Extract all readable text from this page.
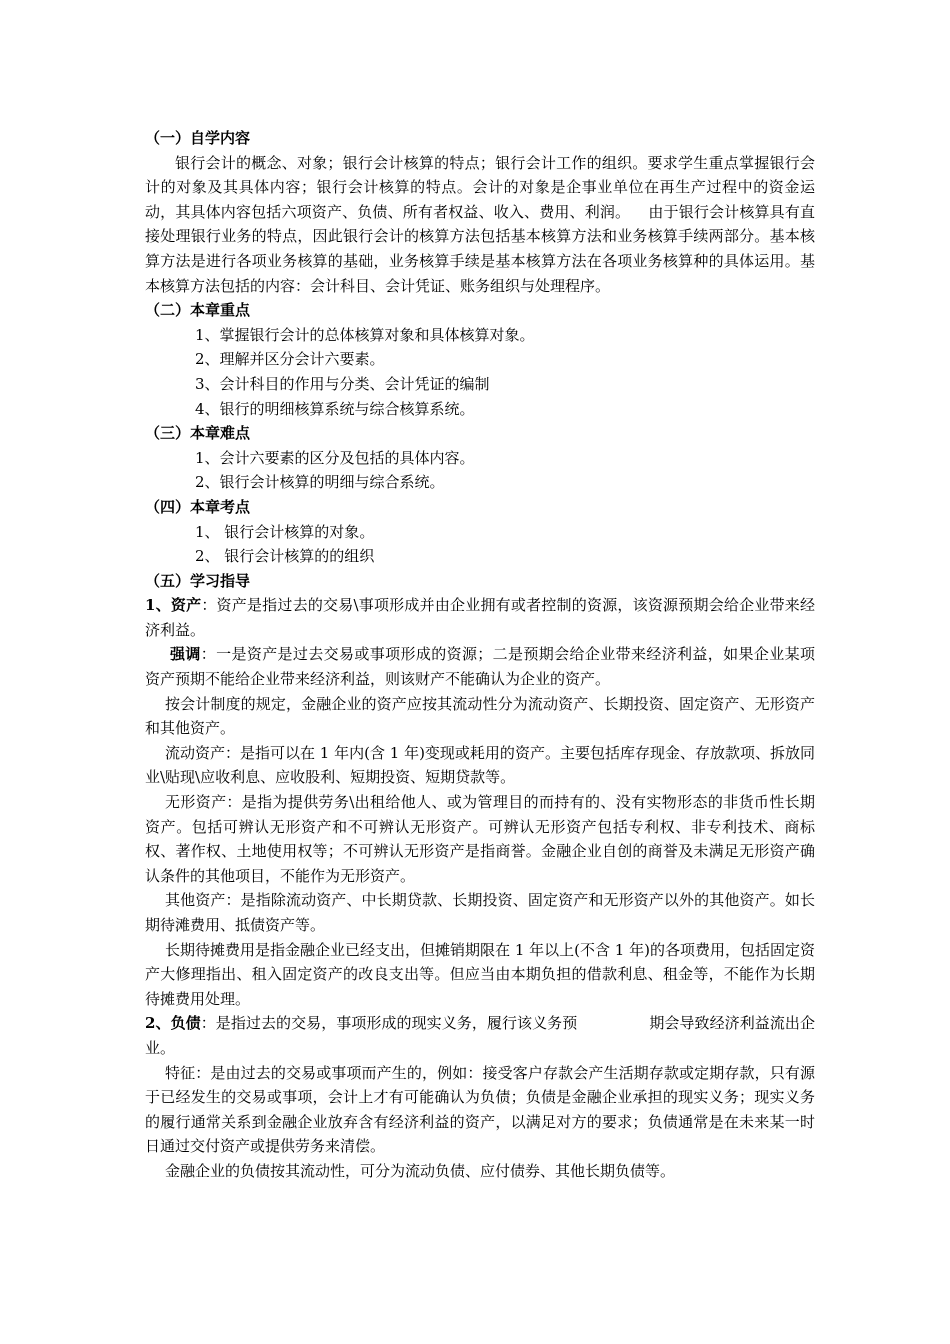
（一）自学内容

银行会计的概念、对象；银行会计核算的特点；银行会计工作的组织。要求学生重点掌握银行会计的对象及其具体内容；银行会计核算的特点。会计的对象是企事业单位在再生产过程中的资金运动，其具体内容包括六项资产、负债、所有者权益、收入、费用、利润。 由于银行会计核算具有直接处理银行业务的特点，因此银行会计的核算方法包括基本核算方法和业务核算手续两部分。基本核算方法是进行各项业务核算的基础，业务核算手续是基本核算方法在各项业务核算种的具体运用。基本核算方法包括的内容：会计科目、会计凭证、账务组织与处理程序。

（二）本章重点

1、掌握银行会计的总体核算对象和具体核算对象。

2、理解并区分会计六要素。

3、会计科目的作用与分类、会计凭证的编制

4、银行的明细核算系统与综合核算系统。

（三）本章难点

1、会计六要素的区分及包括的具体内容。

2、银行会计核算的明细与综合系统。

（四）本章考点

1、 银行会计核算的对象。

2、 银行会计核算的的组织

（五）学习指导

1、资产：资产是指过去的交易\事项形成并由企业拥有或者控制的资源，该资源预期会给企业带来经济利益。

强调：一是资产是过去交易或事项形成的资源；二是预期会给企业带来经济利益，如果企业某项资产预期不能给企业带来经济利益，则该财产不能确认为企业的资产。

按会计制度的规定，金融企业的资产应按其流动性分为流动资产、长期投资、固定资产、无形资产和其他资产。

流动资产：是指可以在 1 年内(含 1 年)变现或耗用的资产。主要包括库存现金、存放款项、拆放同业\贴现\应收利息、应收股利、短期投资、短期贷款等。

无形资产：是指为提供劳务\出租给他人、或为管理目的而持有的、没有实物形态的非货币性长期资产。包括可辨认无形资产和不可辨认无形资产。可辨认无形资产包括专利权、非专利技术、商标权、著作权、土地使用权等；不可辨认无形资产是指商誉。金融企业自创的商誉及未满足无形资产确认条件的其他项目，不能作为无形资产。

其他资产：是指除流动资产、中长期贷款、长期投资、固定资产和无形资产以外的其他资产。如长期待滩费用、抵债资产等。

长期待摊费用是指金融企业已经支出，但摊销期限在 1 年以上(不含 1 年)的各项费用，包括固定资产大修理指出、租入固定资产的改良支出等。但应当由本期负担的借款利息、租金等，不能作为长期待摊费用处理。

2、负债：是指过去的交易，事项形成的现实义务，履行该义务预	期会导致经济利益流出企业。

特征：是由过去的交易或事项而产生的，例如：接受客户存款会产生活期存款或定期存款，只有源于已经发生的交易或事项，会计上才有可能确认为负债；负债是金融企业承担的现实义务；现实义务的履行通常关系到金融企业放弃含有经济利益的资产，以满足对方的要求；负债通常是在未来某一时日通过交付资产或提供劳务来清偿。

金融企业的负债按其流动性，可分为流动负债、应付债券、其他长期负债等。
